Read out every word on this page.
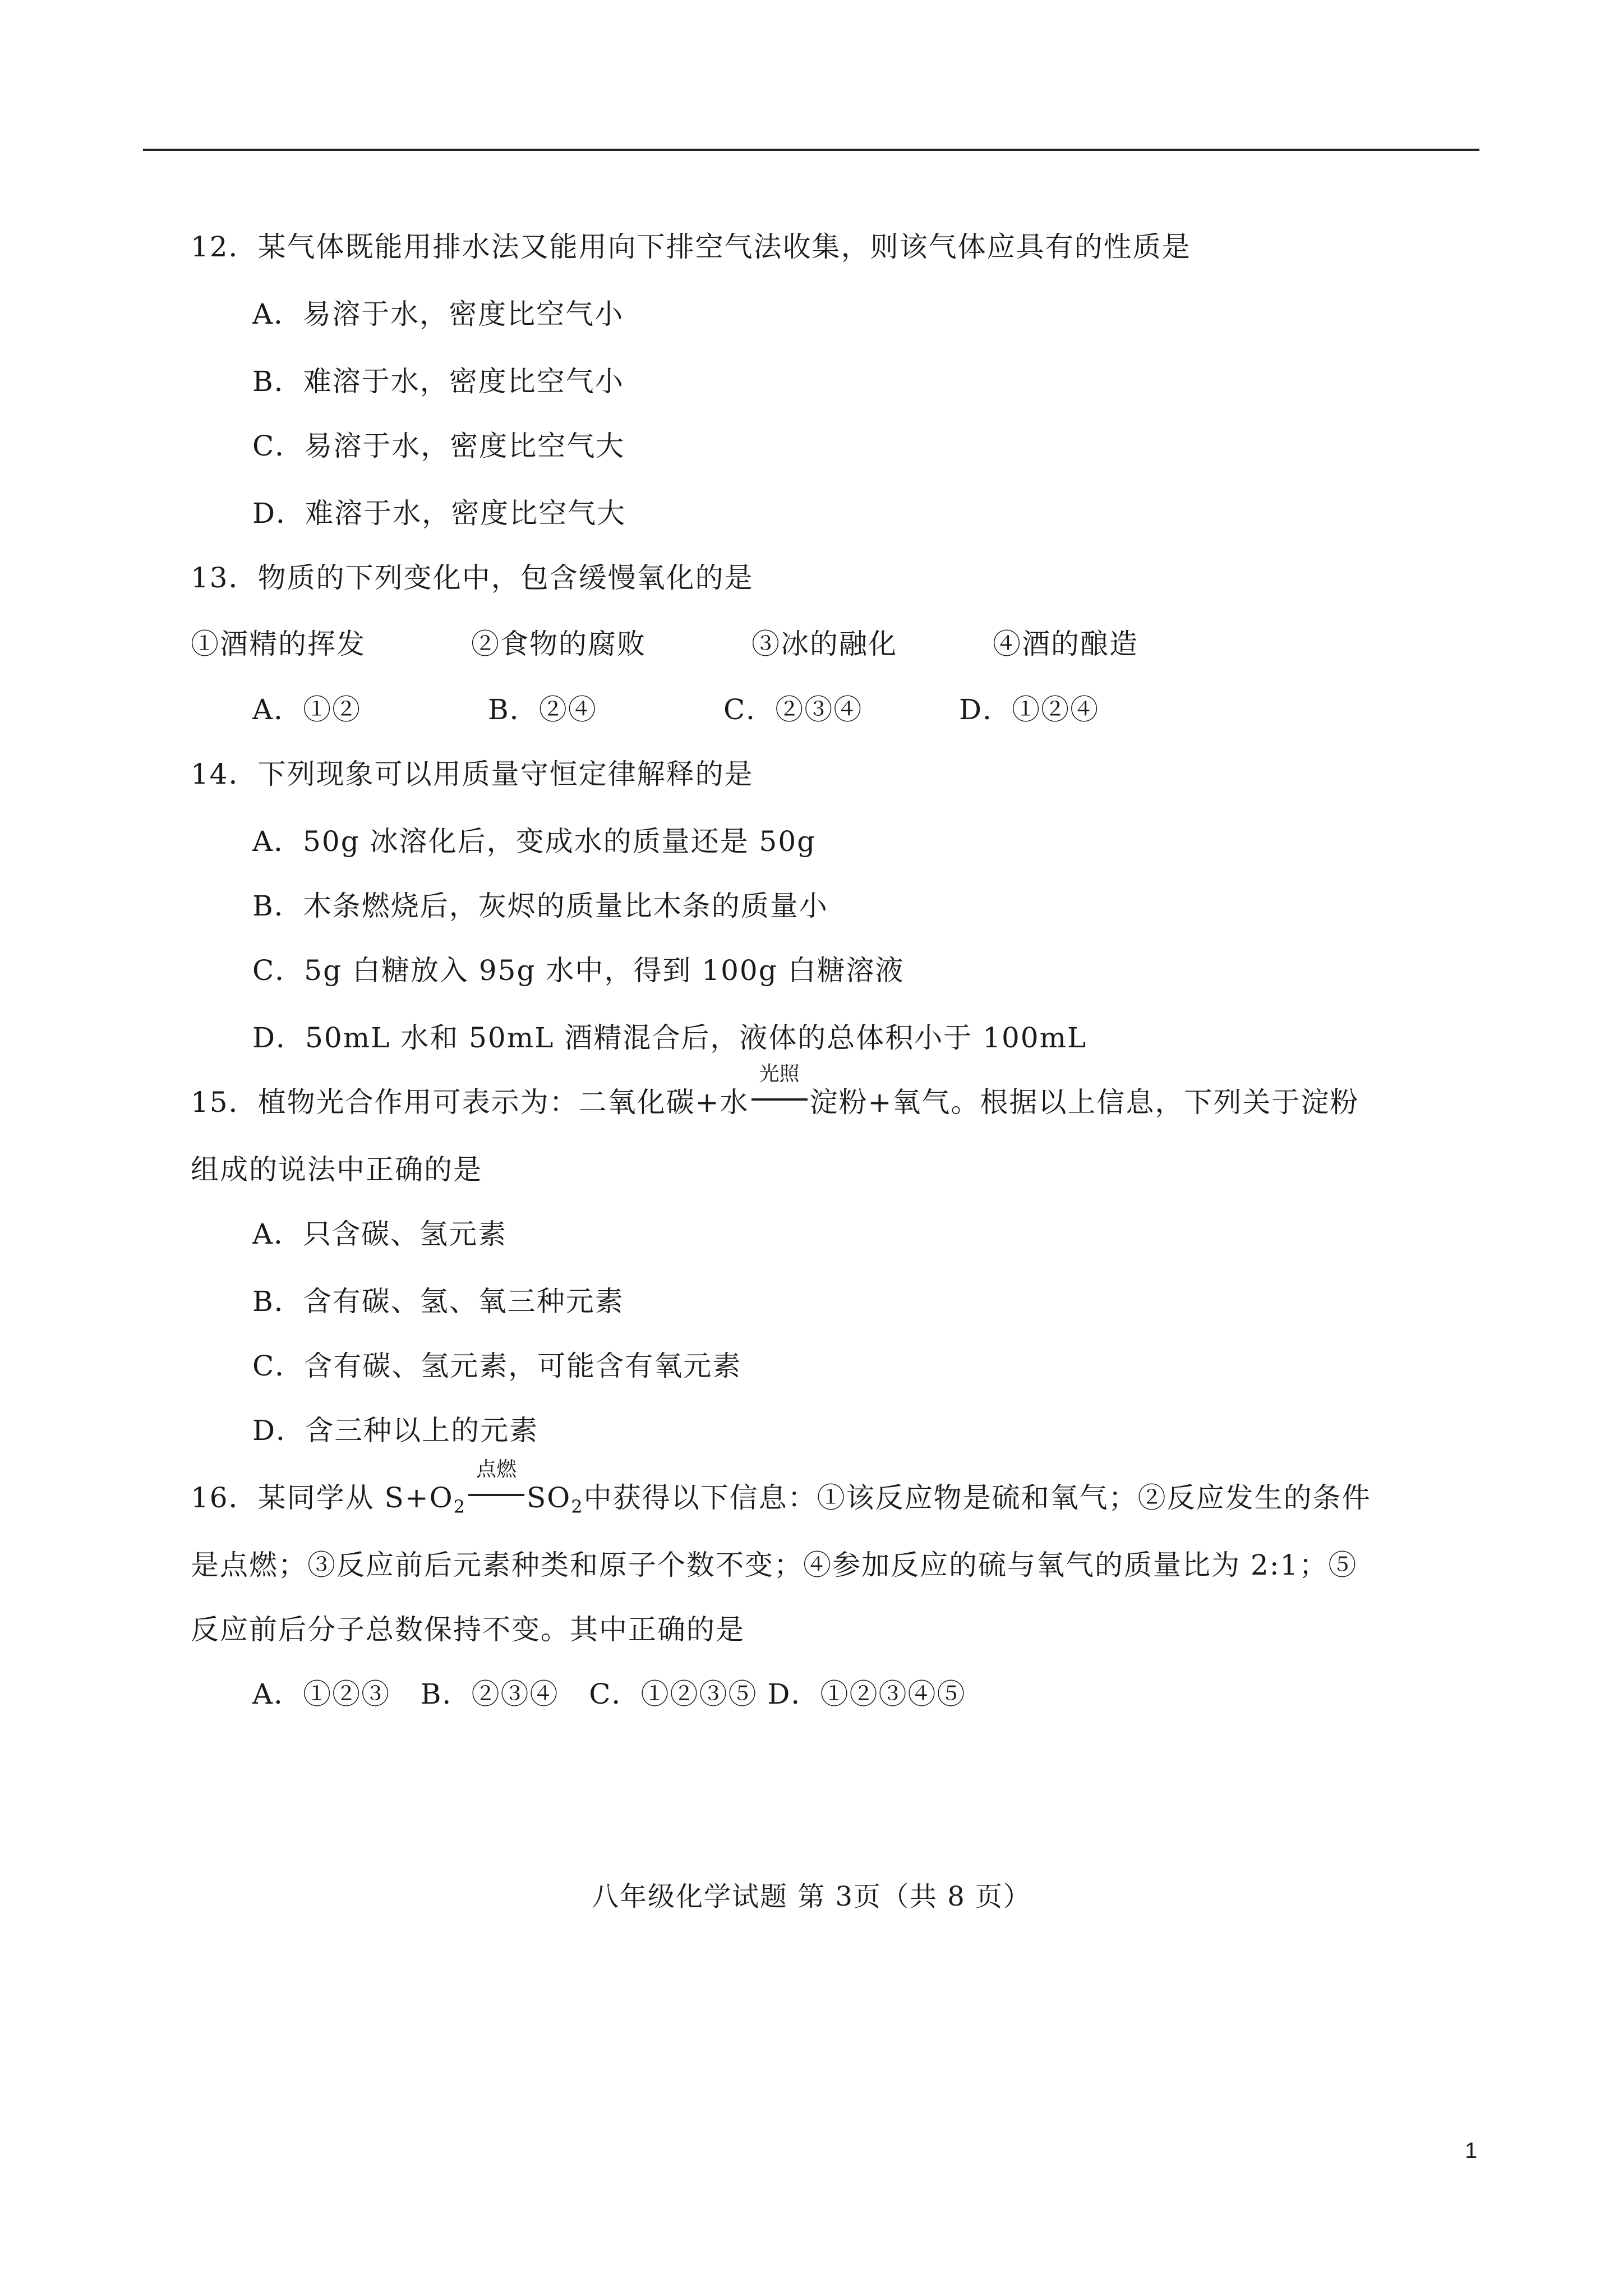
12．某气体既能用排水法又能用向下排空气法收集，则该气体应具有的性质是
A．易溶于水，密度比空气小
B．难溶于水，密度比空气小
C．易溶于水，密度比空气大
D．难溶于水，密度比空气大
13．物质的下列变化中，包含缓慢氧化的是
①酒精的挥发	②食物的腐败	③冰的融化	④酒的酿造
A．①②	B．②④	C．②③④	D．①②④
14．下列现象可以用质量守恒定律解释的是
A．50g 冰溶化后，变成水的质量还是 50g
B．木条燃烧后，灰烬的质量比木条的质量小
C．5g 白糖放入 95g 水中，得到 100g 白糖溶液
D．50mL 水和 50mL 酒精混合后，液体的总体积小于 100mL
15．植物光合作用可表示为：二氧化碳+水
光照
淀粉+氧气。根据以上信息，下列关于淀粉
组成的说法中正确的是
A．只含碳、氢元素
B．含有碳、氢、氧三种元素
C．含有碳、氢元素，可能含有氧元素
D．含三种以上的元素
16．某同学从 $S+O_2$
点燃
$SO_2$中获得以下信息：①该反应物是硫和氧气；②反应发生的条件
是点燃；③反应前后元素种类和原子个数不变；④参加反应的硫与氧气的质量比为 2:1；⑤
反应前后分子总数保持不变。其中正确的是
A．①②③   B．②③④   C．①②③⑤ D．①②③④⑤
八年级化学试题 第 3页（共 8 页）
1
